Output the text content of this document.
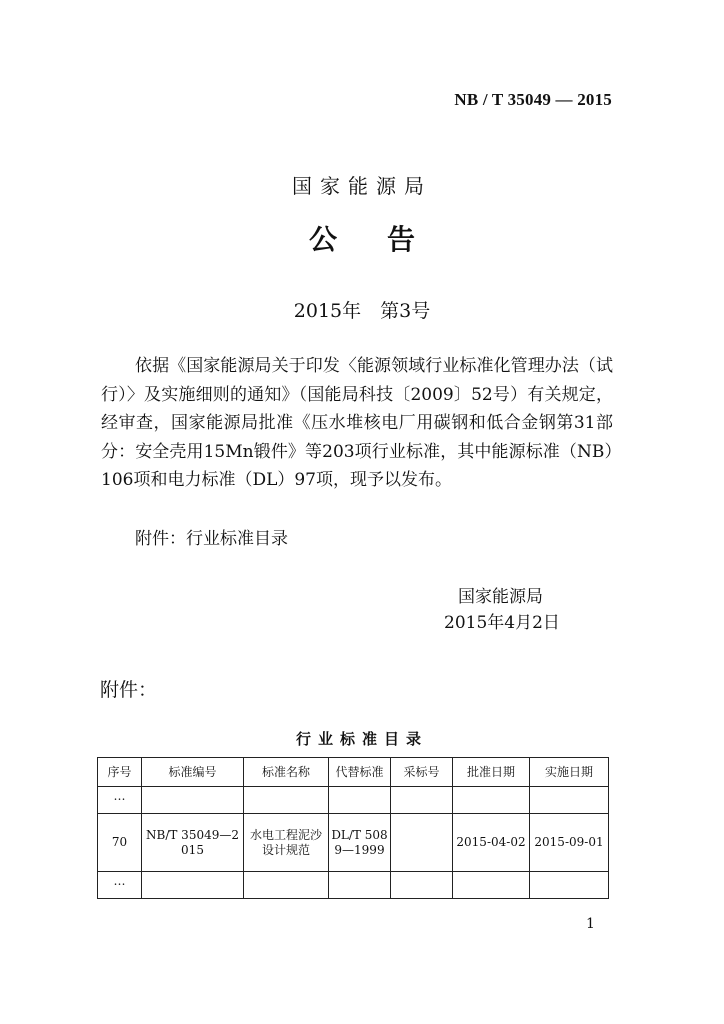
NB / T 35049 — 2015
国家能源局
公告
2015年　第3号
依据《国家能源局关于印发〈能源领域行业标准化管理办法（试行）〉及实施细则的通知》（国能局科技〔2009〕52号）有关规定，经审查，国家能源局批准《压水堆核电厂用碳钢和低合金钢第31部分：安全壳用15Mn锻件》等203项行业标准，其中能源标准（NB）106项和电力标准（DL）97项，现予以发布。
附件：行业标准目录
国家能源局
2015年4月2日
附件：
行业标准目录
序号	标准编号	标准名称	代替标准	采标号	批准日期	实施日期
…						
70	NB/T 35049—2015	水电工程泥沙设计规范	DL/T 5089—1999		2015-04-02	2015-09-01
…						
1
